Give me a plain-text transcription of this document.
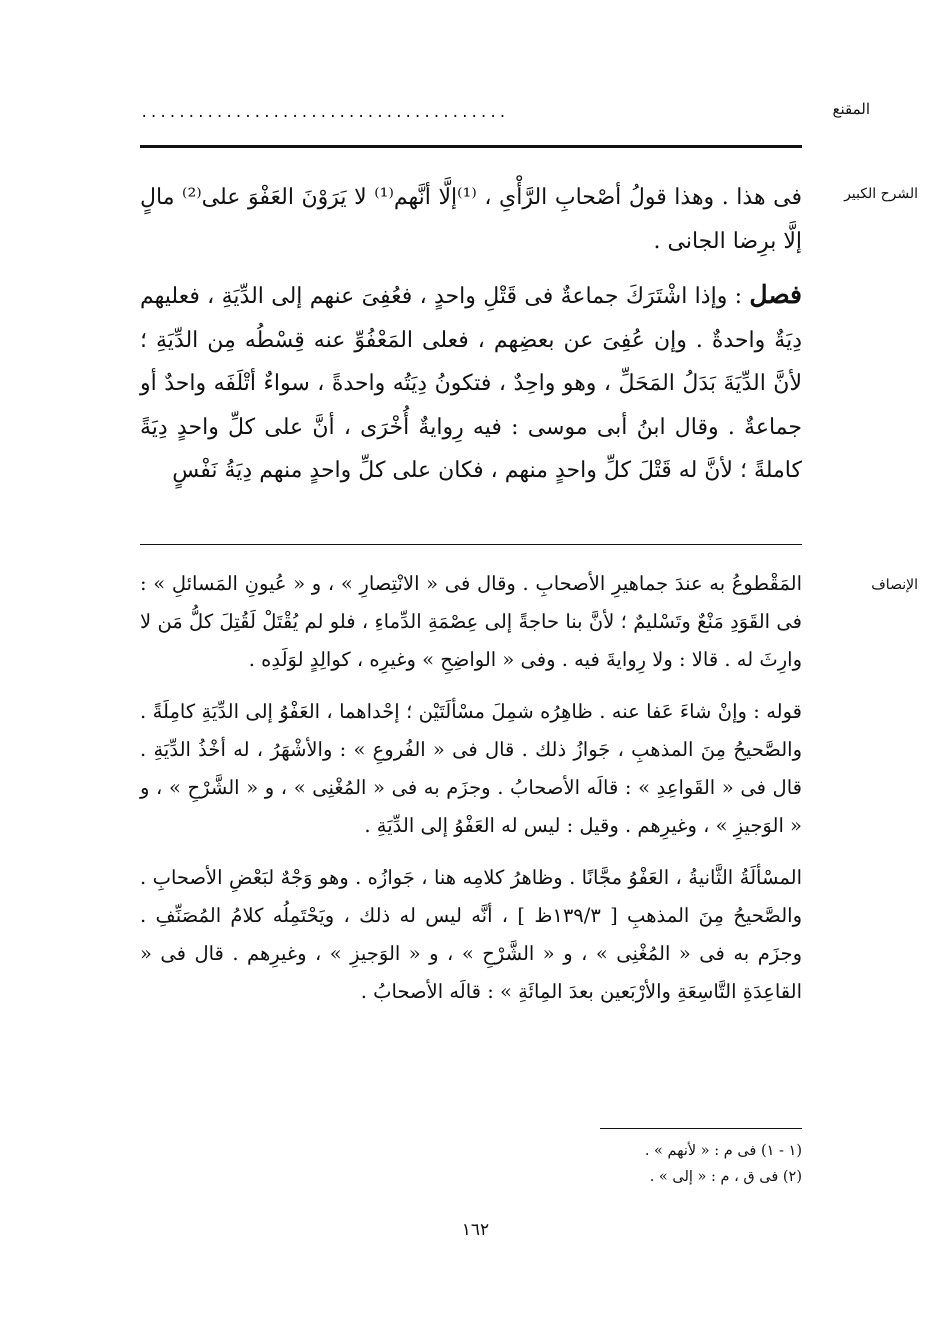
المقنع
.......................................
الشرح الكبير

فى هذا . وهذا قولُ أصْحابِ الرَّأْىِ ، ⁽¹⁾إلَّا أنَّهم⁽¹⁾ لا يَرَوْنَ العَفْوَ على⁽²⁾ مالٍ إلَّا برِضا الجانى .

فصل : وإذا اشْتَرَكَ جماعةٌ فى قَتْلِ واحدٍ ، فعُفِىَ عنهم إلى الدِّيَةِ ، فعليهم دِيَةٌ واحدةٌ . وإن عُفِىَ عن بعضِهم ، فعلى المَعْفُوِّ عنه قِسْطُه مِن الدِّيَةِ ؛ لأنَّ الدِّيَةَ بَدَلُ المَحَلِّ ، وهو واحِدٌ ، فتكونُ دِيَتُه واحدةً ، سواءٌ أتْلَفَه واحدٌ أو جماعةٌ . وقال ابنُ أبى موسى : فيه رِوايةٌ أُخْرَى ، أنَّ على كلِّ واحدٍ دِيَةً كاملةً ؛ لأنَّ له قَتْلَ كلِّ واحدٍ منهم ، فكان على كلِّ واحدٍ منهم دِيَةُ نَفْسٍ

الإنصاف

المَقْطوعُ به عندَ جماهيرِ الأصحابِ . وقال فى « الانْتِصارِ » ، و « عُيونِ المَسائلِ » : فى القَوَدِ مَنْعٌ وتَسْليمٌ ؛ لأنَّ بنا حاجةً إلى عِصْمَةِ الدِّماءِ ، فلو لم يُقْتَلْ لَقُتِلَ كلُّ مَن لا وارِثَ له . قالا : ولا رِوايةَ فيه . وفى « الواضِحِ » وغيرِه ، كوالِدٍ لوَلَدِه .

قوله : وإنْ شاءَ عَفا عنه . ظاهِرُه شمِلَ مسْألَتَيْن ؛ إحْداهما ، العَفْوُ إلى الدِّيَةِ كامِلَةً . والصَّحيحُ مِنَ المذهبِ ، جَوازُ ذلك . قال فى « الفُروعِ » : والأشْهَرُ ، له أخْذُ الدِّيَةِ . قال فى « القَواعِدِ » : قالَه الأصحابُ . وجزَم به فى « المُغْنِى » ، و « الشَّرْحِ » ، و « الوَجيزِ » ، وغيرِهم . وقيل : ليس له العَفْوُ إلى الدِّيَةِ .

المسْألَةُ الثَّانيةُ ، العَفْوُ مجَّانًا . وظاهرُ كلامِه هنا ، جَوازُه . وهو وَجْهٌ لبَعْضِ الأصحابِ . والصَّحيحُ مِنَ المذهبِ [ ١٣٩/٣ظ ] ، أنَّه ليس له ذلك ، ويَحْتَمِلُه كلامُ المُصَنِّفِ . وجزَم به فى « المُغْنِى » ، و « الشَّرْحِ » ، و « الوَجيزِ » ، وغيرِهم . قال فى « القاعِدَةِ التَّاسِعَةِ والأرْبَعين بعدَ المِائَةِ » : قالَه الأصحابُ .

(١ - ١) فى م : « لأنهم » .

(٢) فى ق ، م : « إلى » .

١٦٢
